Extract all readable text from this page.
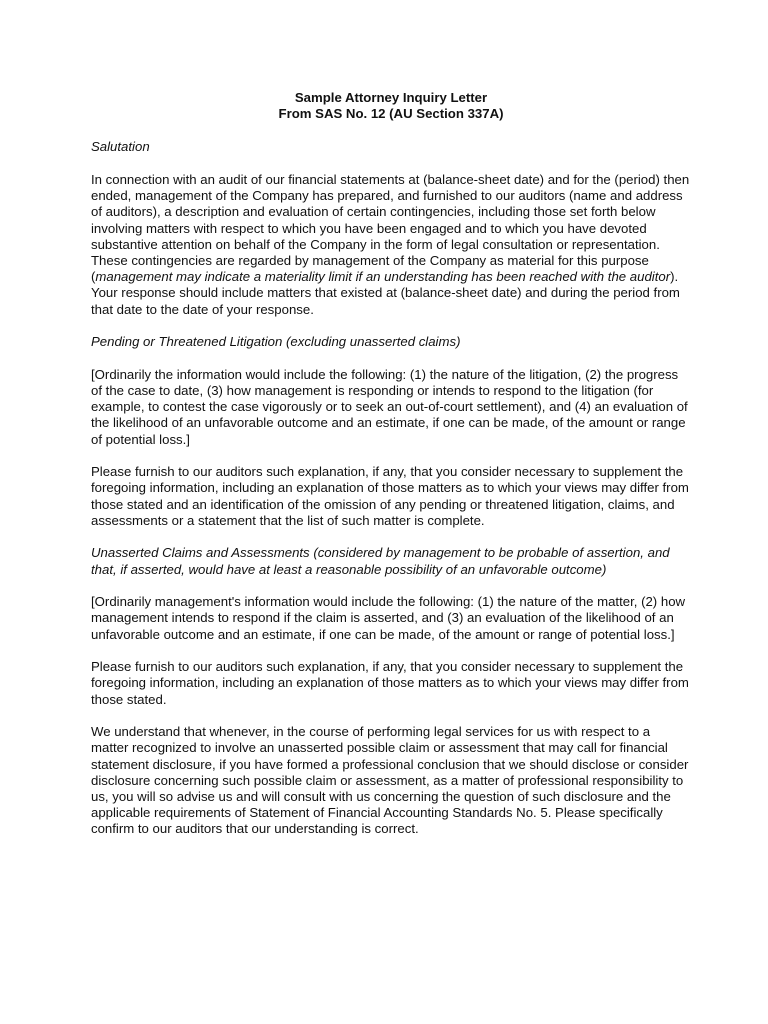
Sample Attorney Inquiry Letter
From SAS No. 12 (AU Section 337A)

Salutation

In connection with an audit of our financial statements at (balance-sheet date) and for the (period) then ended, management of the Company has prepared, and furnished to our auditors (name and address of auditors), a description and evaluation of certain contingencies, including those set forth below involving matters with respect to which you have been engaged and to which you have devoted substantive attention on behalf of the Company in the form of legal consultation or representation. These contingencies are regarded by management of the Company as material for this purpose (management may indicate a materiality limit if an understanding has been reached with the auditor). Your response should include matters that existed at (balance-sheet date) and during the period from that date to the date of your response.

Pending or Threatened Litigation (excluding unasserted claims)

[Ordinarily the information would include the following: (1) the nature of the litigation, (2) the progress of the case to date, (3) how management is responding or intends to respond to the litigation (for example, to contest the case vigorously or to seek an out-of-court settlement), and (4) an evaluation of the likelihood of an unfavorable outcome and an estimate, if one can be made, of the amount or range of potential loss.]

Please furnish to our auditors such explanation, if any, that you consider necessary to supplement the foregoing information, including an explanation of those matters as to which your views may differ from those stated and an identification of the omission of any pending or threatened litigation, claims, and assessments or a statement that the list of such matter is complete.

Unasserted Claims and Assessments (considered by management to be probable of assertion, and that, if asserted, would have at least a reasonable possibility of an unfavorable outcome)

[Ordinarily management's information would include the following: (1) the nature of the matter, (2) how management intends to respond if the claim is asserted, and (3) an evaluation of the likelihood of an unfavorable outcome and an estimate, if one can be made, of the amount or range of potential loss.]

Please furnish to our auditors such explanation, if any, that you consider necessary to supplement the foregoing information, including an explanation of those matters as to which your views may differ from those stated.

We understand that whenever, in the course of performing legal services for us with respect to a matter recognized to involve an unasserted possible claim or assessment that may call for financial statement disclosure, if you have formed a professional conclusion that we should disclose or consider disclosure concerning such possible claim or assessment, as a matter of professional responsibility to us, you will so advise us and will consult with us concerning the question of such disclosure and the applicable requirements of Statement of Financial Accounting Standards No. 5. Please specifically confirm to our auditors that our understanding is correct.
